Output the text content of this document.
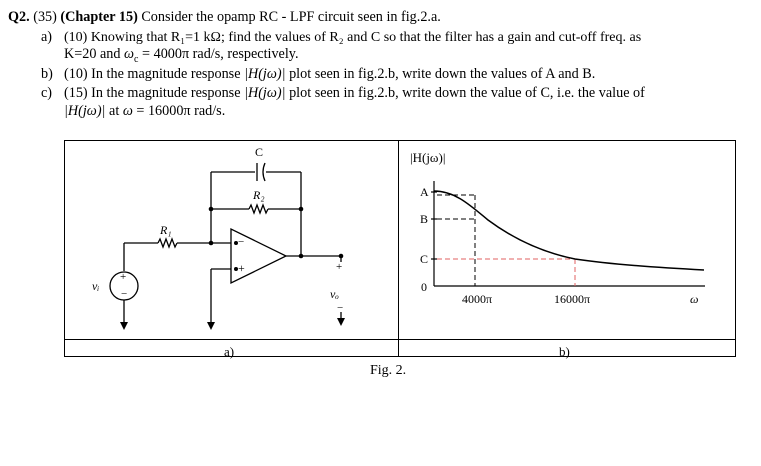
Q2. (35) (Chapter 15) Consider the opamp RC - LPF circuit seen in fig.2.a.
a) (10) Knowing that R₁=1 kΩ; find the values of R₂ and C so that the filter has a gain and cut-off freq. as
K=20 and $\omega_c = 4000\pi$ rad/s, respectively.
b) (10) In the magnitude response |H(jω)| plot seen in fig.2.b, write down the values of A and B.
c) (15) In the magnitude response |H(jω)| plot seen in fig.2.b, write down the value of C, i.e. the value of
|H(jω)| at ω = 16000π rad/s.
C
R₂
R₁
vᵢ
vₒ
+
−
−
+
+
−
|H(jω)|
A
B
C
0
4000π	16000π	ω
a)	b)
Fig. 2.
